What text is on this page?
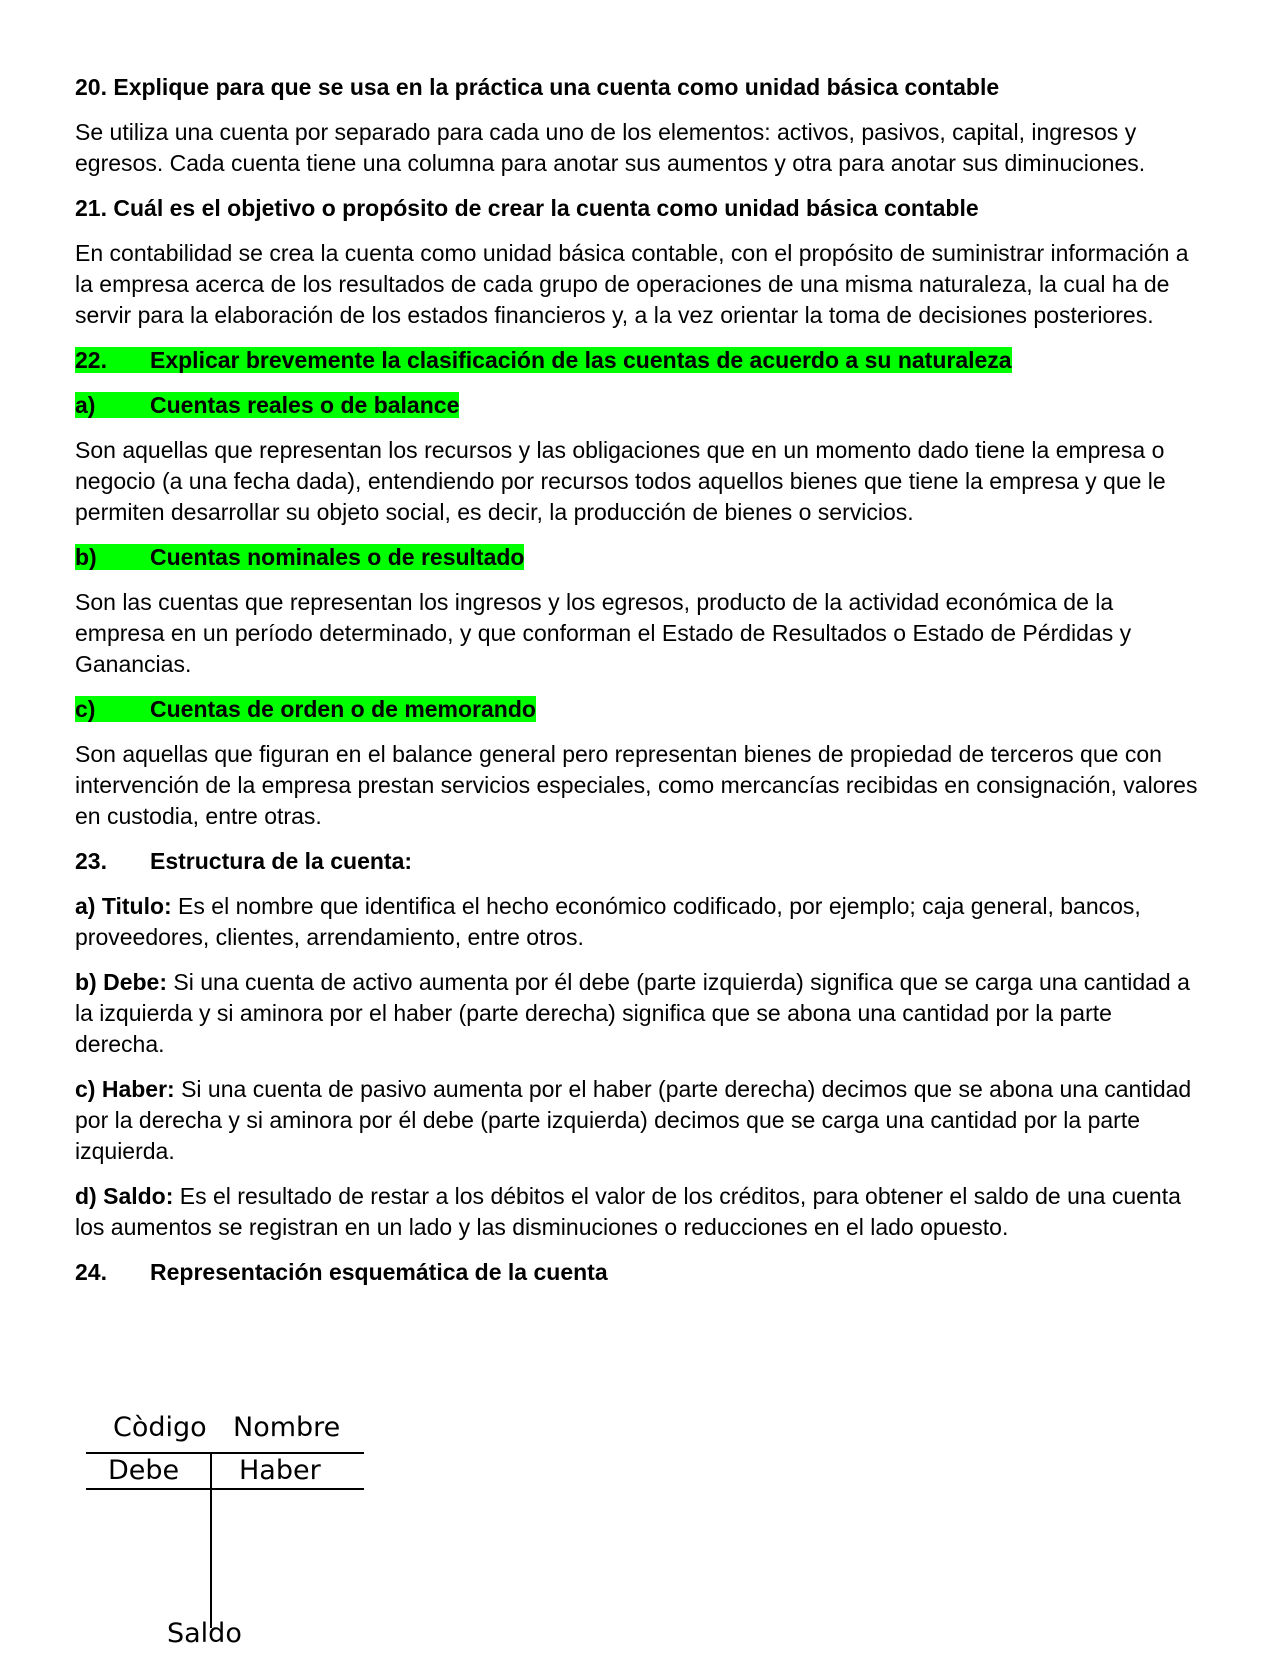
20. Explique para que se usa en la práctica una cuenta como unidad básica contable
Se utiliza una cuenta por separado para cada uno de los elementos: activos, pasivos, capital, ingresos y egresos. Cada cuenta tiene una columna para anotar sus aumentos y otra para anotar sus diminuciones.
21. Cuál es el objetivo o propósito de crear la cuenta como unidad básica contable
En contabilidad se crea la cuenta como unidad básica contable, con el propósito de suministrar información a la empresa acerca de los resultados de cada grupo de operaciones de una misma naturaleza, la cual ha de servir para la elaboración de los estados financieros y, a la vez orientar la toma de decisiones posteriores.
22. Explicar brevemente la clasificación de las cuentas de acuerdo a su naturaleza
a) Cuentas reales o de balance
Son aquellas que representan los recursos y las obligaciones que en un momento dado tiene la empresa o negocio (a una fecha dada), entendiendo por recursos todos aquellos bienes que tiene la empresa y que le permiten desarrollar su objeto social, es decir, la producción de bienes o servicios.
b) Cuentas nominales o de resultado
Son las cuentas que representan los ingresos y los egresos, producto de la actividad económica de la empresa en un período determinado, y que conforman el Estado de Resultados o Estado de Pérdidas y Ganancias.
c) Cuentas de orden o de memorando
Son aquellas que figuran en el balance general pero representan bienes de propiedad de terceros que con intervención de la empresa prestan servicios especiales, como mercancías recibidas en consignación, valores en custodia, entre otras.
23. Estructura de la cuenta:
a) Titulo: Es el nombre que identifica el hecho económico codificado, por ejemplo; caja general, bancos, proveedores, clientes, arrendamiento, entre otros.
b) Debe: Si una cuenta de activo aumenta por él debe (parte izquierda) significa que se carga una cantidad a la izquierda y si aminora por el haber (parte derecha) significa que se abona una cantidad por la parte derecha.
c) Haber: Si una cuenta de pasivo aumenta por el haber (parte derecha) decimos que se abona una cantidad por la derecha y si aminora por él debe (parte izquierda) decimos que se carga una cantidad por la parte izquierda.
d) Saldo: Es el resultado de restar a los débitos el valor de los créditos, para obtener el saldo de una cuenta los aumentos se registran en un lado y las disminuciones o reducciones en el lado opuesto.
24. Representación esquemática de la cuenta
Còdigo Nombre
Debe Haber
Saldo
